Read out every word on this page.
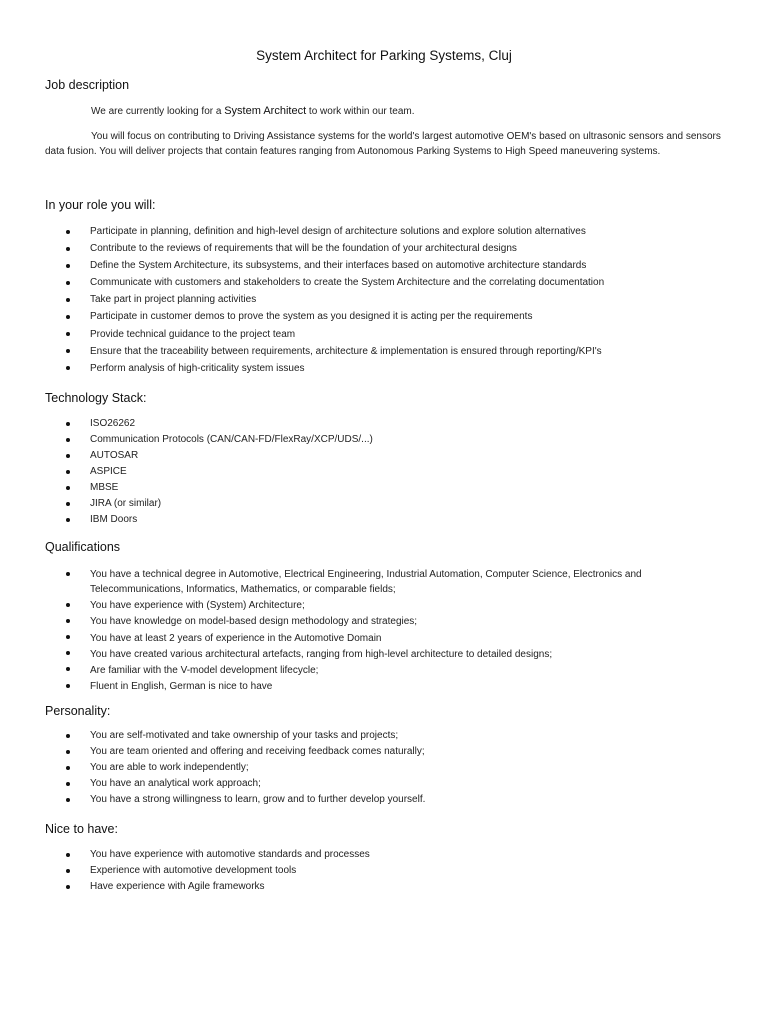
System Architect for Parking Systems, Cluj
Job description
We are currently looking for a System Architect to work within our team.
You will focus on contributing to Driving Assistance systems for the world's largest automotive OEM's based on ultrasonic sensors and sensors data fusion. You will deliver projects that contain features ranging from Autonomous Parking Systems to High Speed maneuvering systems.
In your role you will:
Participate in planning, definition and high-level design of architecture solutions and explore solution alternatives
Contribute to the reviews of requirements that will be the foundation of your architectural designs
Define the System Architecture, its subsystems, and their interfaces based on automotive architecture standards
Communicate with customers and stakeholders to create the System Architecture and the correlating documentation
Take part in project planning activities
Participate in customer demos to prove the system as you designed it is acting per the requirements
Provide technical guidance to the project team
Ensure that the traceability between requirements, architecture & implementation is ensured through reporting/KPI's
Perform analysis of high-criticality system issues
Technology Stack:
ISO26262
Communication Protocols (CAN/CAN-FD/FlexRay/XCP/UDS/...)
AUTOSAR
ASPICE
MBSE
JIRA (or similar)
IBM Doors
Qualifications
You have a technical degree in Automotive, Electrical Engineering, Industrial Automation, Computer Science, Electronics and Telecommunications, Informatics, Mathematics, or comparable fields;
You have experience with (System) Architecture;
You have knowledge on model-based design methodology and strategies;
You have at least 2 years of experience in the Automotive Domain
You have created various architectural artefacts, ranging from high-level architecture to detailed designs;
Are familiar with the V-model development lifecycle;
Fluent in English, German is nice to have
Personality:
You are self-motivated and take ownership of your tasks and projects;
You are team oriented and offering and receiving feedback comes naturally;
You are able to work independently;
You have an analytical work approach;
You have a strong willingness to learn, grow and to further develop yourself.
Nice to have:
You have experience with automotive standards and processes
Experience with automotive development tools
Have experience with Agile frameworks
